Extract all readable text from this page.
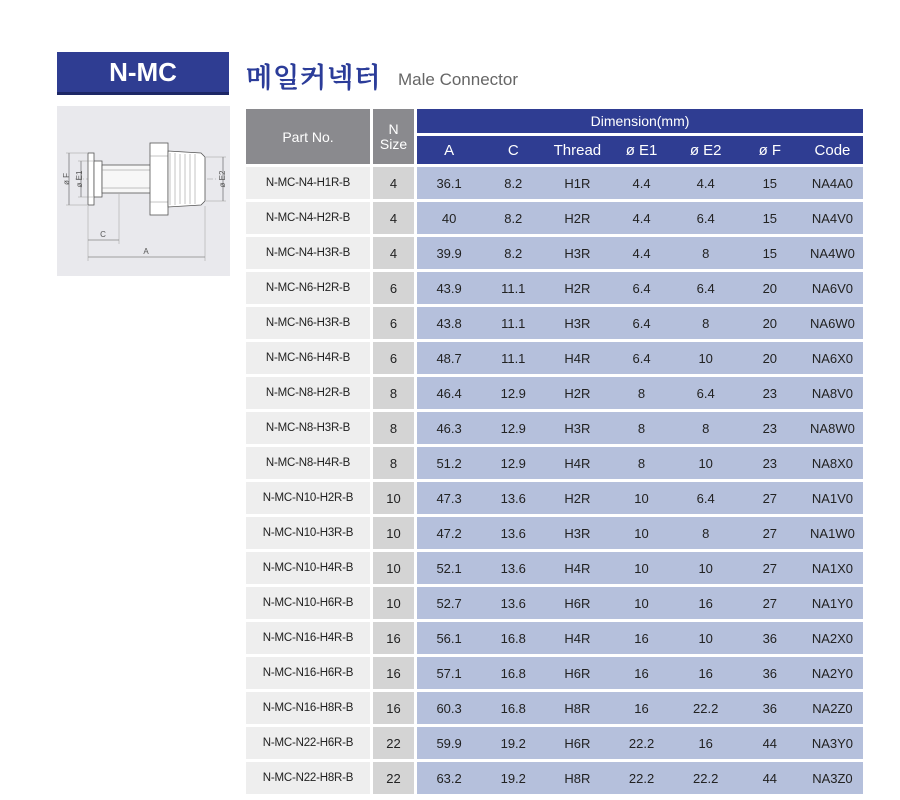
N-MC	메일커넥터 Male Connector
ø F ø E1	ø E2
C
A
Part No.		N
Size		Dimension(mm)						
				A	C	Thread	ø E1	ø E2	ø F	Code
N-MC-N4-H1R-B		4		36.1	8.2	H1R	4.4	4.4	15	NA4A0
N-MC-N4-H2R-B		4		40	8.2	H2R	4.4	6.4	15	NA4V0
N-MC-N4-H3R-B		4		39.9	8.2	H3R	4.4	8	15	NA4W0
N-MC-N6-H2R-B		6		43.9	11.1	H2R	6.4	6.4	20	NA6V0
N-MC-N6-H3R-B		6		43.8	11.1	H3R	6.4	8	20	NA6W0
N-MC-N6-H4R-B		6		48.7	11.1	H4R	6.4	10	20	NA6X0
N-MC-N8-H2R-B		8		46.4	12.9	H2R	8	6.4	23	NA8V0
N-MC-N8-H3R-B		8		46.3	12.9	H3R	8	8	23	NA8W0
N-MC-N8-H4R-B		8		51.2	12.9	H4R	8	10	23	NA8X0
N-MC-N10-H2R-B		10		47.3	13.6	H2R	10	6.4	27	NA1V0
N-MC-N10-H3R-B		10		47.2	13.6	H3R	10	8	27	NA1W0
N-MC-N10-H4R-B		10		52.1	13.6	H4R	10	10	27	NA1X0
N-MC-N10-H6R-B		10		52.7	13.6	H6R	10	16	27	NA1Y0
N-MC-N16-H4R-B		16		56.1	16.8	H4R	16	10	36	NA2X0
N-MC-N16-H6R-B		16		57.1	16.8	H6R	16	16	36	NA2Y0
N-MC-N16-H8R-B		16		60.3	16.8	H8R	16	22.2	36	NA2Z0
N-MC-N22-H6R-B		22		59.9	19.2	H6R	22.2	16	44	NA3Y0
N-MC-N22-H8R-B		22		63.2	19.2	H8R	22.2	22.2	44	NA3Z0
